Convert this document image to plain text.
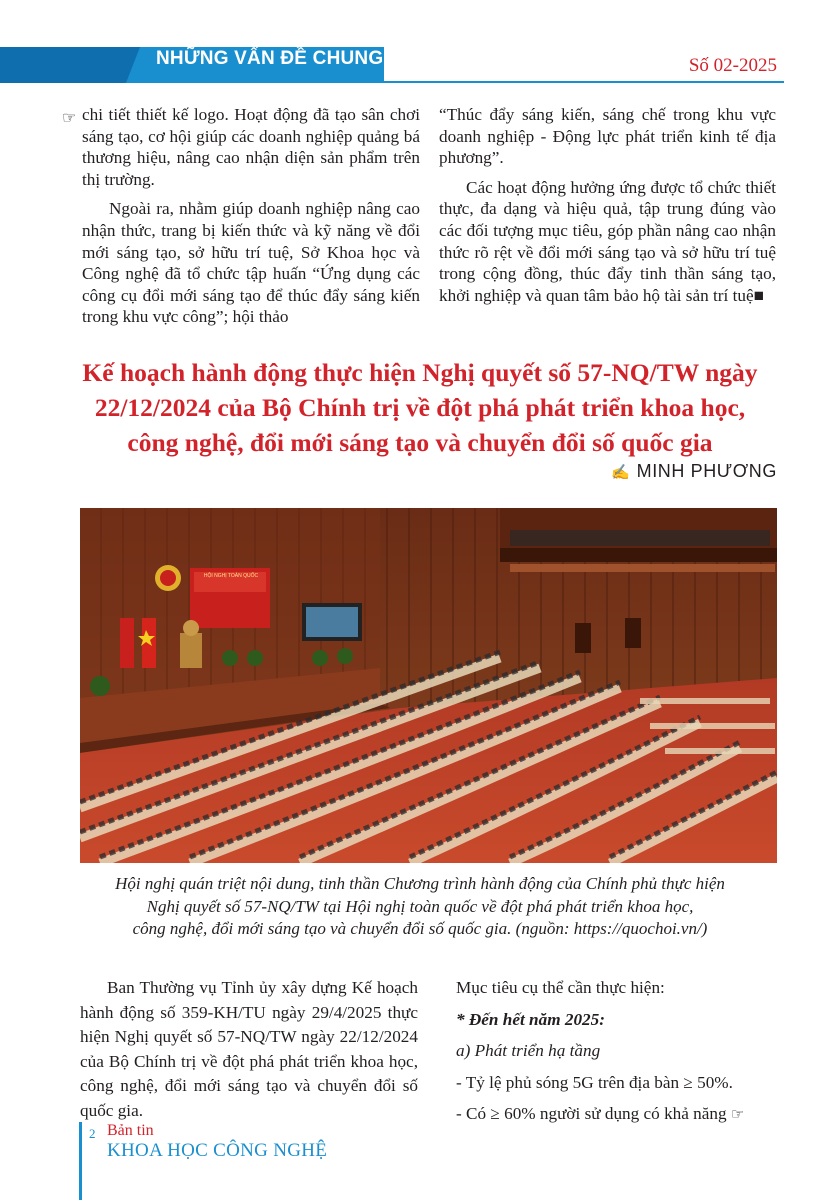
NHỮNG VẤN ĐỀ CHUNG	Số 02-2025
☞ chi tiết thiết kế logo. Hoạt động đã tạo sân chơi sáng tạo, cơ hội giúp các doanh nghiệp quảng bá thương hiệu, nâng cao nhận diện sản phẩm trên thị trường.

Ngoài ra, nhằm giúp doanh nghiệp nâng cao nhận thức, trang bị kiến thức và kỹ năng về đổi mới sáng tạo, sở hữu trí tuệ, Sở Khoa học và Công nghệ đã tổ chức tập huấn “Ứng dụng các công cụ đổi mới sáng tạo để thúc đẩy sáng kiến trong khu vực công”; hội thảo

“Thúc đẩy sáng kiến, sáng chế trong khu vực doanh nghiệp - Động lực phát triển kinh tế địa phương”.

Các hoạt động hưởng ứng được tổ chức thiết thực, đa dạng và hiệu quả, tập trung đúng vào các đối tượng mục tiêu, góp phần nâng cao nhận thức rõ rệt về đổi mới sáng tạo và sở hữu trí tuệ trong cộng đồng, thúc đẩy tinh thần sáng tạo, khởi nghiệp và quan tâm bảo hộ tài sản trí tuệ■

Kế hoạch hành động thực hiện Nghị quyết số 57-NQ/TW ngày
22/12/2024 của Bộ Chính trị về đột phá phát triển khoa học,
công nghệ, đổi mới sáng tạo và chuyển đổi số quốc gia
✍ MINH PHƯƠNG
HỘI NGHỊ TOÀN QUỐC
Hội nghị quán triệt nội dung, tinh thần Chương trình hành động của Chính phủ thực hiện
Nghị quyết số 57-NQ/TW tại Hội nghị toàn quốc về đột phá phát triển khoa học,
công nghệ, đổi mới sáng tạo và chuyển đổi số quốc gia. (nguồn: https://quochoi.vn/)

Ban Thường vụ Tỉnh ủy xây dựng Kế hoạch hành động số 359-KH/TU ngày 29/4/2025 thực hiện Nghị quyết số 57-NQ/TW ngày 22/12/2024 của Bộ Chính trị về đột phá phát triển khoa học, công nghệ, đổi mới sáng tạo và chuyển đổi số quốc gia.

Mục tiêu cụ thể cần thực hiện:

* Đến hết năm 2025:

a) Phát triển hạ tầng

- Tỷ lệ phủ sóng 5G trên địa bàn ≥ 50%.

- Có ≥ 60% người sử dụng có khả năng ☞

2 Bản tin
KHOA HỌC CÔNG NGHỆ
